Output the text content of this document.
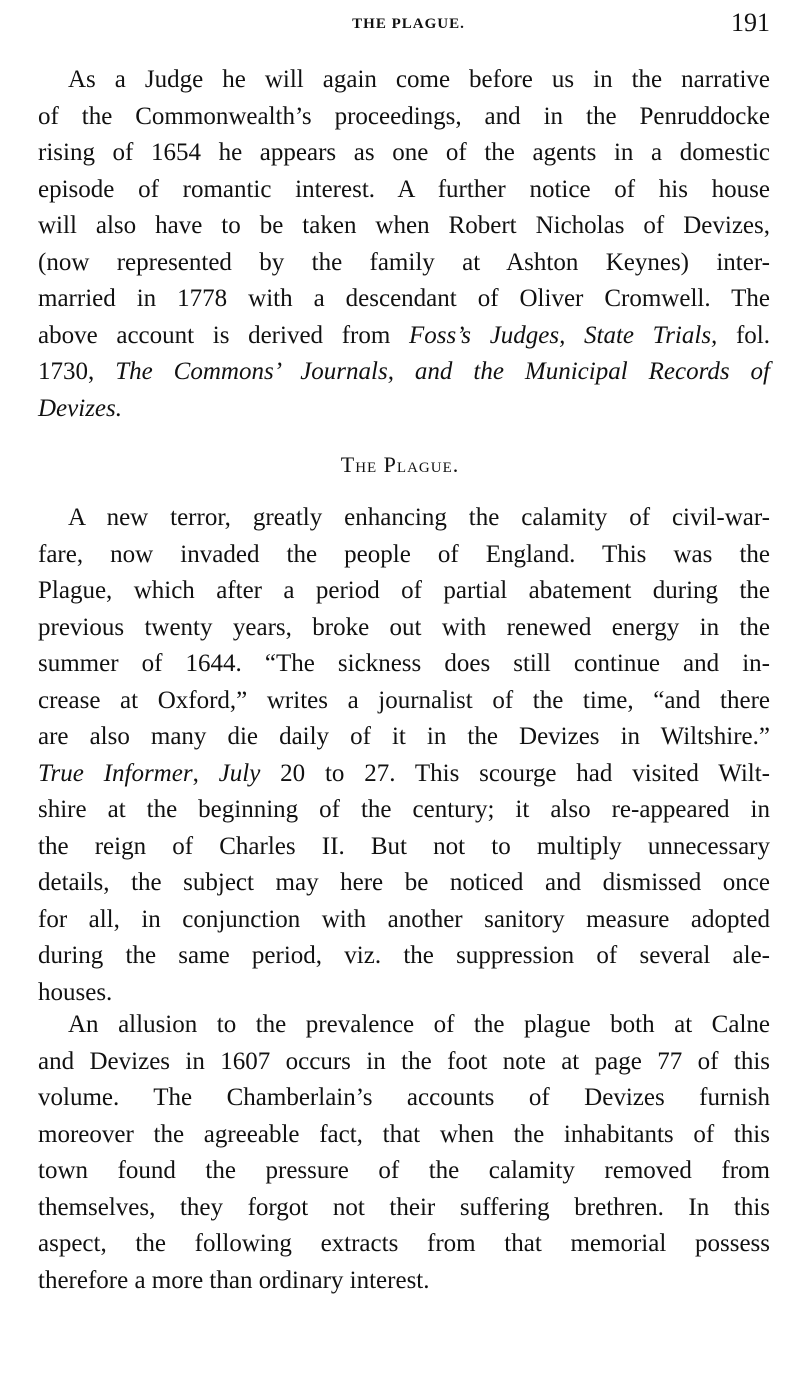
THE PLAGUE.	191
As a Judge he will again come before us in the narrative
of the Commonwealth’s proceedings, and in the Penruddocke
rising of 1654 he appears as one of the agents in a domestic
episode of romantic interest. A further notice of his house
will also have to be taken when Robert Nicholas of Devizes,
(now represented by the family at Ashton Keynes) inter-
married in 1778 with a descendant of Oliver Cromwell. The
above account is derived from Foss’s Judges, State Trials, fol.
1730, The Commons’ Journals, and the Municipal Records of
Devizes.
The Plague.
A new terror, greatly enhancing the calamity of civil-war-
fare, now invaded the people of England. This was the
Plague, which after a period of partial abatement during the
previous twenty years, broke out with renewed energy in the
summer of 1644. “The sickness does still continue and in-
crease at Oxford,” writes a journalist of the time, “and there
are also many die daily of it in the Devizes in Wiltshire.”
True Informer, July 20 to 27. This scourge had visited Wilt-
shire at the beginning of the century; it also re-appeared in
the reign of Charles II. But not to multiply unnecessary
details, the subject may here be noticed and dismissed once
for all, in conjunction with another sanitory measure adopted
during the same period, viz. the suppression of several ale-
houses.
An allusion to the prevalence of the plague both at Calne
and Devizes in 1607 occurs in the foot note at page 77 of this
volume. The Chamberlain’s accounts of Devizes furnish
moreover the agreeable fact, that when the inhabitants of this
town found the pressure of the calamity removed from
themselves, they forgot not their suffering brethren. In this
aspect, the following extracts from that memorial possess
therefore a more than ordinary interest.
